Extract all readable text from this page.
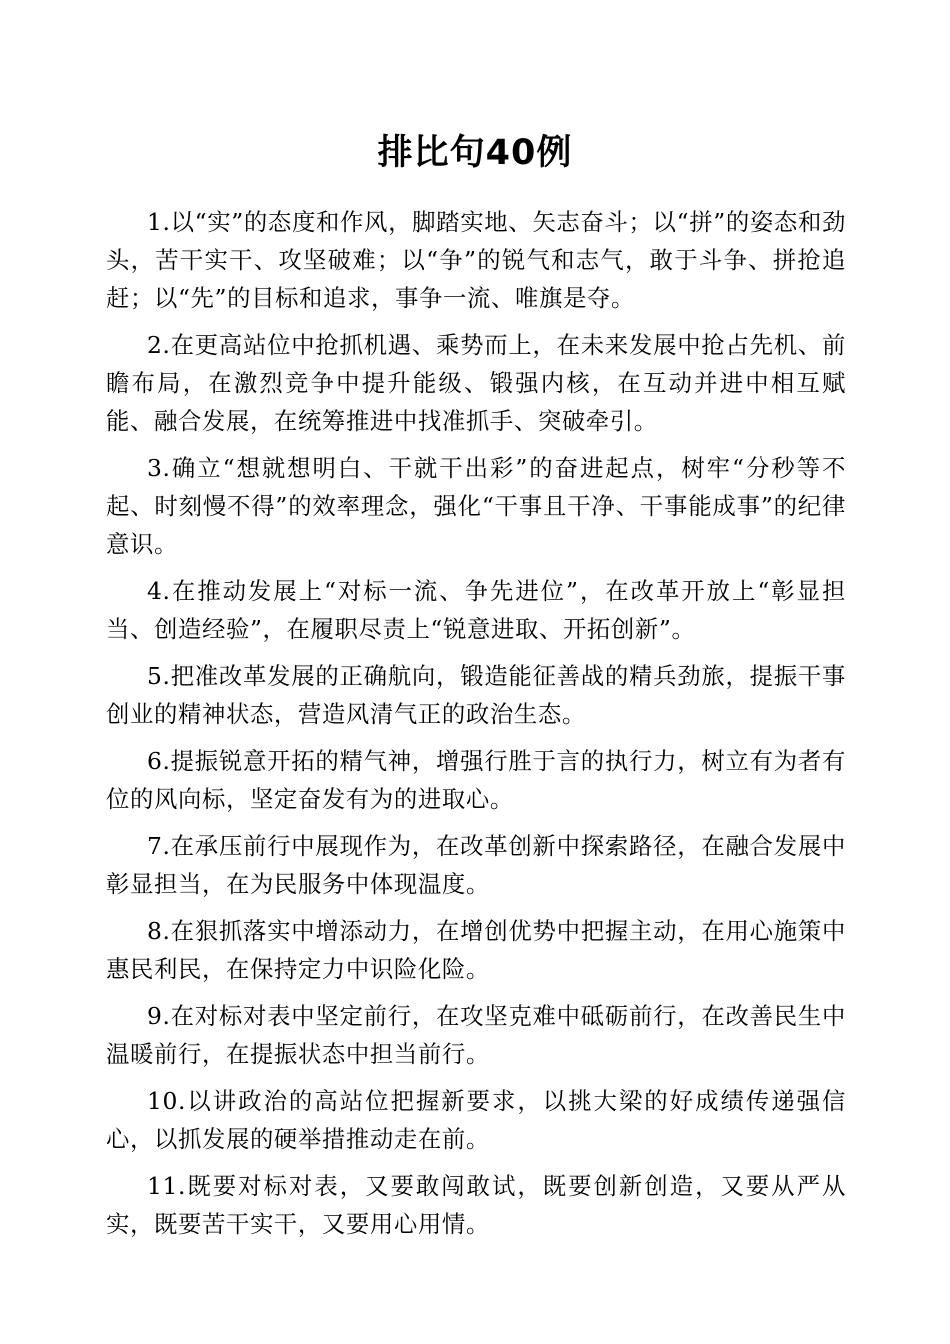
排比句40例

1.以“实”的态度和作风，脚踏实地、矢志奋斗；以“拼”的姿态和劲头，苦干实干、攻坚破难；以“争”的锐气和志气，敢于斗争、拼抢追赶；以“先”的目标和追求，事争一流、唯旗是夺。

2.在更高站位中抢抓机遇、乘势而上，在未来发展中抢占先机、前瞻布局，在激烈竞争中提升能级、锻强内核，在互动并进中相互赋能、融合发展，在统筹推进中找准抓手、突破牵引。

3.确立“想就想明白、干就干出彩”的奋进起点，树牢“分秒等不起、时刻慢不得”的效率理念，强化“干事且干净、干事能成事”的纪律意识。

4.在推动发展上“对标一流、争先进位”，在改革开放上“彰显担当、创造经验”，在履职尽责上“锐意进取、开拓创新”。

5.把准改革发展的正确航向，锻造能征善战的精兵劲旅，提振干事创业的精神状态，营造风清气正的政治生态。

6.提振锐意开拓的精气神，增强行胜于言的执行力，树立有为者有位的风向标，坚定奋发有为的进取心。

7.在承压前行中展现作为，在改革创新中探索路径，在融合发展中彰显担当，在为民服务中体现温度。

8.在狠抓落实中增添动力，在增创优势中把握主动，在用心施策中惠民利民，在保持定力中识险化险。

9.在对标对表中坚定前行，在攻坚克难中砥砺前行，在改善民生中温暖前行，在提振状态中担当前行。

10.以讲政治的高站位把握新要求，以挑大梁的好成绩传递强信心，以抓发展的硬举措推动走在前。

11.既要对标对表，又要敢闯敢试，既要创新创造，又要从严从实，既要苦干实干，又要用心用情。
